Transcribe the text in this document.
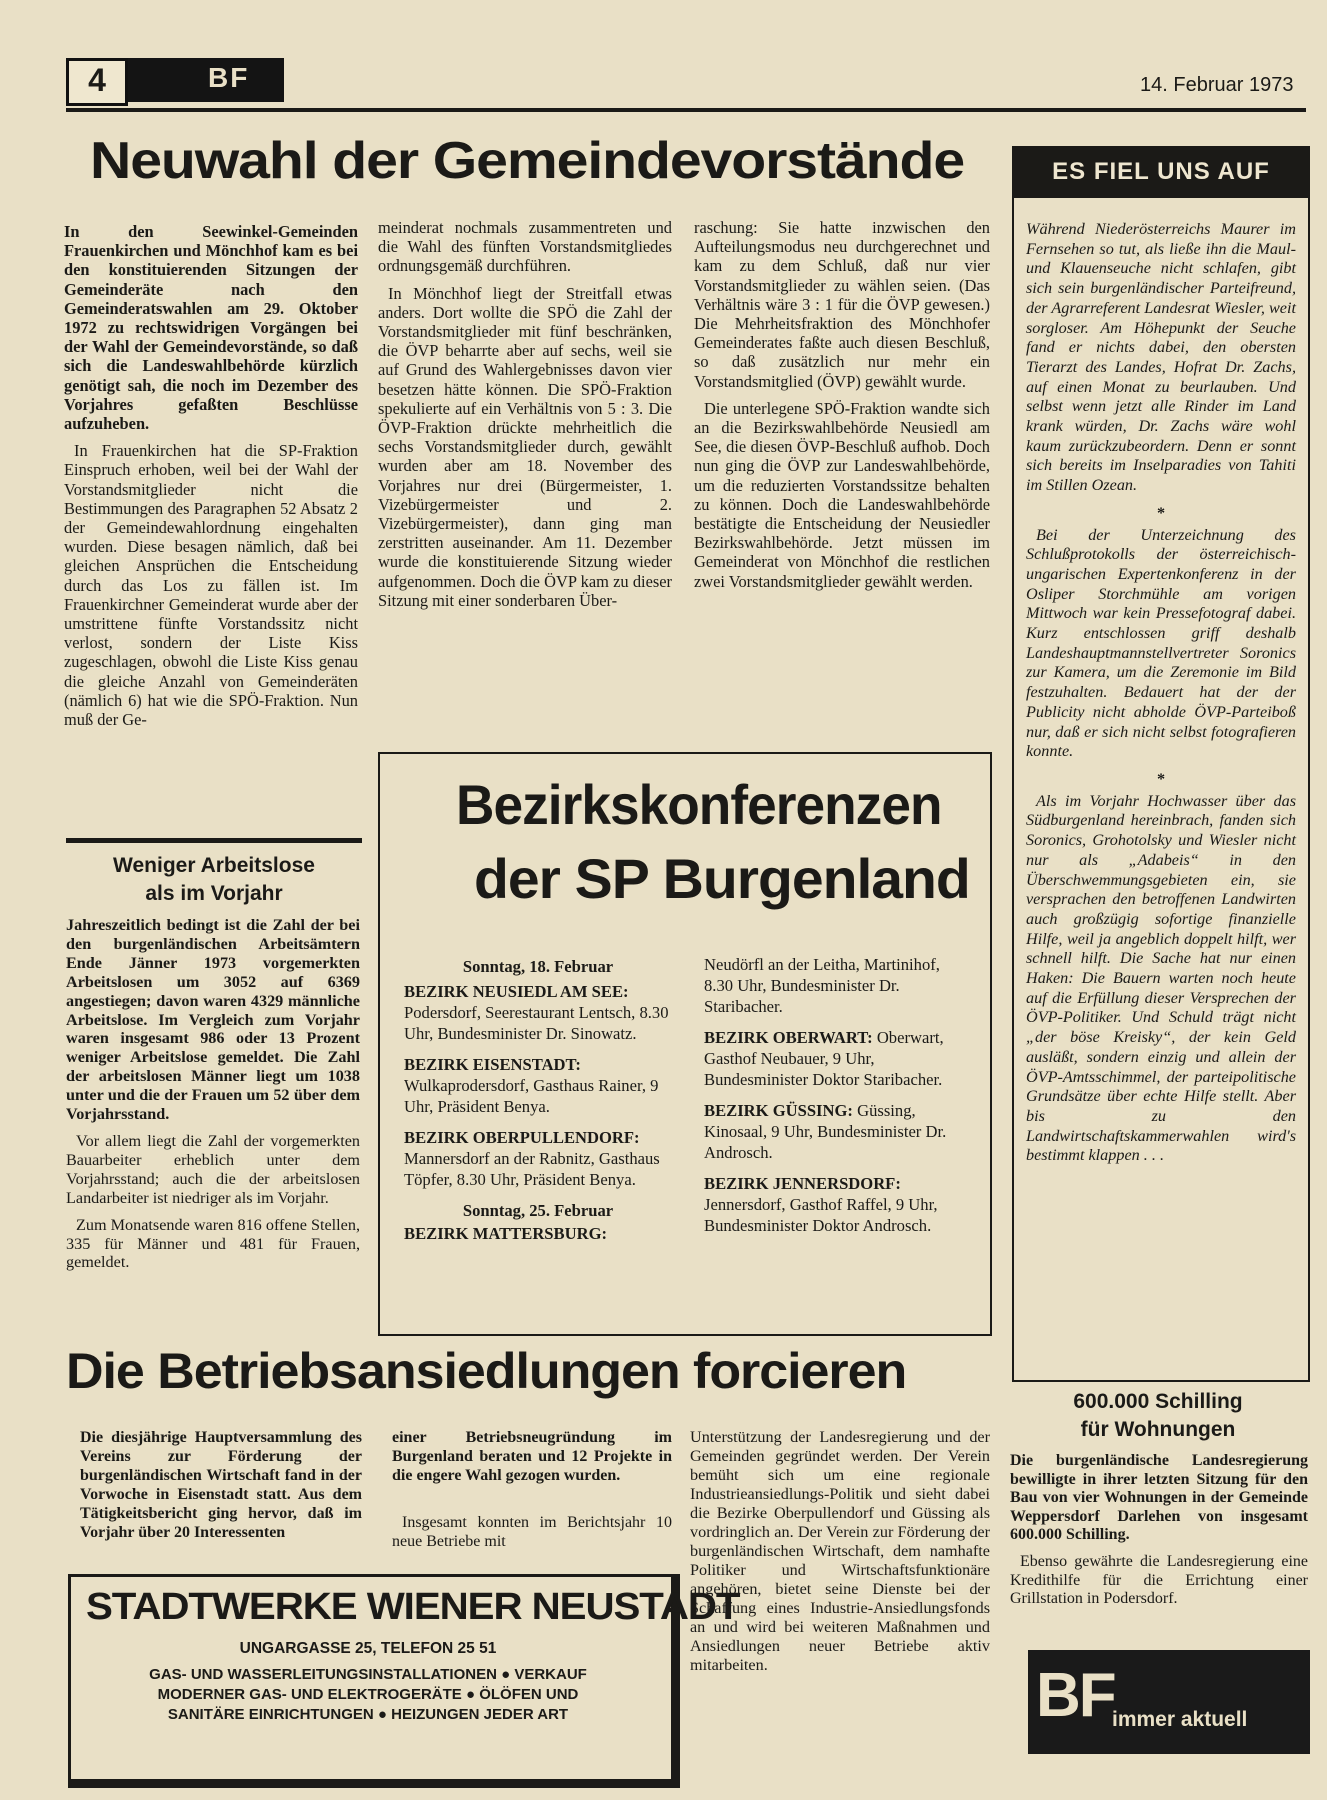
4	BF	14. Februar 1973
Neuwahl der Gemeindevorstände

In den Seewinkel-Gemeinden Frauenkirchen und Mönchhof kam es bei den konstituierenden Sitzungen der Gemeinderäte nach den Gemeinderatswahlen am 29. Oktober 1972 zu rechtswidrigen Vorgängen bei der Wahl der Gemeindevorstände, so daß sich die Landeswahlbehörde kürzlich genötigt sah, die noch im Dezember des Vorjahres gefaßten Beschlüsse aufzuheben.

In Frauenkirchen hat die SP-Fraktion Einspruch erhoben, weil bei der Wahl der Vorstandsmitglieder nicht die Bestimmungen des Paragraphen 52 Absatz 2 der Gemeindewahlordnung eingehalten wurden. Diese besagen nämlich, daß bei gleichen Ansprüchen die Entscheidung durch das Los zu fällen ist. Im Frauenkirchner Gemeinderat wurde aber der umstrittene fünfte Vorstandssitz nicht verlost, sondern der Liste Kiss zugeschlagen, obwohl die Liste Kiss genau die gleiche Anzahl von Gemeinderäten (nämlich 6) hat wie die SPÖ-Fraktion. Nun muß der Ge-

meinderat nochmals zusammentreten und die Wahl des fünften Vorstandsmitgliedes ordnungsgemäß durchführen.

In Mönchhof liegt der Streitfall etwas anders. Dort wollte die SPÖ die Zahl der Vorstandsmitglieder mit fünf beschränken, die ÖVP beharrte aber auf sechs, weil sie auf Grund des Wahlergebnisses davon vier besetzen hätte können. Die SPÖ-Fraktion spekulierte auf ein Verhältnis von 5 : 3. Die ÖVP-Fraktion drückte mehrheitlich die sechs Vorstandsmitglieder durch, gewählt wurden aber am 18. November des Vorjahres nur drei (Bürgermeister, 1. Vizebürgermeister und 2. Vizebürgermeister), dann ging man zerstritten auseinander. Am 11. Dezember wurde die konstituierende Sitzung wieder aufgenommen. Doch die ÖVP kam zu dieser Sitzung mit einer sonderbaren Über-

raschung: Sie hatte inzwischen den Aufteilungsmodus neu durchgerechnet und kam zu dem Schluß, daß nur vier Vorstandsmitglieder zu wählen seien. (Das Verhältnis wäre 3 : 1 für die ÖVP gewesen.) Die Mehrheitsfraktion des Mönchhofer Gemeinderates faßte auch diesen Beschluß, so daß zusätzlich nur mehr ein Vorstandsmitglied (ÖVP) gewählt wurde.

Die unterlegene SPÖ-Fraktion wandte sich an die Bezirkswahlbehörde Neusiedl am See, die diesen ÖVP-Beschluß aufhob. Doch nun ging die ÖVP zur Landeswahlbehörde, um die reduzierten Vorstandssitze behalten zu können. Doch die Landeswahlbehörde bestätigte die Entscheidung der Neusiedler Bezirkswahlbehörde. Jetzt müssen im Gemeinderat von Mönchhof die restlichen zwei Vorstandsmitglieder gewählt werden.

ES FIEL UNS AUF

Während Niederösterreichs Maurer im Fernsehen so tut, als ließe ihn die Maul- und Klauenseuche nicht schlafen, gibt sich sein burgenländischer Parteifreund, der Agrarreferent Landesrat Wiesler, weit sorgloser. Am Höhepunkt der Seuche fand er nichts dabei, den obersten Tierarzt des Landes, Hofrat Dr. Zachs, auf einen Monat zu beurlauben. Und selbst wenn jetzt alle Rinder im Land krank würden, Dr. Zachs wäre wohl kaum zurückzubeordern. Denn er sonnt sich bereits im Inselparadies von Tahiti im Stillen Ozean.

*

Bei der Unterzeichnung des Schlußprotokolls der österreichisch-ungarischen Expertenkonferenz in der Osliper Storchmühle am vorigen Mittwoch war kein Pressefotograf dabei. Kurz entschlossen griff deshalb Landeshauptmannstellvertreter Soronics zur Kamera, um die Zeremonie im Bild festzuhalten. Bedauert hat der der Publicity nicht abholde ÖVP-Parteiboß nur, daß er sich nicht selbst fotografieren konnte.

*

Als im Vorjahr Hochwasser über das Südburgenland hereinbrach, fanden sich Soronics, Grohotolsky und Wiesler nicht nur als „Adabeis“ in den Überschwemmungsgebieten ein, sie versprachen den betroffenen Landwirten auch großzügig sofortige finanzielle Hilfe, weil ja angeblich doppelt hilft, wer schnell hilft. Die Sache hat nur einen Haken: Die Bauern warten noch heute auf die Erfüllung dieser Versprechen der ÖVP-Politiker. Und Schuld trägt nicht „der böse Kreisky“, der kein Geld ausläßt, sondern einzig und allein der ÖVP-Amtsschimmel, der parteipolitische Grundsätze über echte Hilfe stellt. Aber bis zu den Landwirtschaftskammerwahlen wird's bestimmt klappen . . .

Weniger Arbeitslose
als im Vorjahr

Jahreszeitlich bedingt ist die Zahl der bei den burgenländischen Arbeitsämtern Ende Jänner 1973 vorgemerkten Arbeitslosen um 3052 auf 6369 angestiegen; davon waren 4329 männliche Arbeitslose. Im Vergleich zum Vorjahr waren insgesamt 986 oder 13 Prozent weniger Arbeitslose gemeldet. Die Zahl der arbeitslosen Männer liegt um 1038 unter und die der Frauen um 52 über dem Vorjahrsstand.

Vor allem liegt die Zahl der vorgemerkten Bauarbeiter erheblich unter dem Vorjahrsstand; auch die der arbeitslosen Landarbeiter ist niedriger als im Vorjahr.

Zum Monatsende waren 816 offene Stellen, 335 für Männer und 481 für Frauen, gemeldet.

Bezirkskonferenzen
der SP Burgenland
Sonntag, 18. Februar
BEZIRK NEUSIEDL AM SEE: Podersdorf, Seerestaurant Lentsch, 8.30 Uhr, Bundesminister Dr. Sinowatz.
BEZIRK EISENSTADT: Wulkaprodersdorf, Gasthaus Rainer, 9 Uhr, Präsident Benya.
BEZIRK OBERPULLENDORF: Mannersdorf an der Rabnitz, Gasthaus Töpfer, 8.30 Uhr, Präsident Benya.
Sonntag, 25. Februar
BEZIRK MATTERSBURG:
Neudörfl an der Leitha, Martinihof, 8.30 Uhr, Bundesminister Dr. Staribacher.
BEZIRK OBERWART: Oberwart, Gasthof Neubauer, 9 Uhr, Bundesminister Doktor Staribacher.
BEZIRK GÜSSING: Güssing, Kinosaal, 9 Uhr, Bundesminister Dr. Androsch.
BEZIRK JENNERSDORF: Jennersdorf, Gasthof Raffel, 9 Uhr, Bundesminister Doktor Androsch.
Die Betriebsansiedlungen forcieren

Die diesjährige Hauptversammlung des Vereins zur Förderung der burgenländischen Wirtschaft fand in der Vorwoche in Eisenstadt statt. Aus dem Tätigkeitsbericht ging hervor, daß im Vorjahr über 20 Interessenten

einer Betriebsneugründung im Burgenland beraten und 12 Projekte in die engere Wahl gezogen wurden.

Insgesamt konnten im Berichtsjahr 10 neue Betriebe mit

Unterstützung der Landesregierung und der Gemeinden gegründet werden. Der Verein bemüht sich um eine regionale Industrieansiedlungs-Politik und sieht dabei die Bezirke Oberpullendorf und Güssing als vordringlich an. Der Verein zur Förderung der burgenländischen Wirtschaft, dem namhafte Politiker und Wirtschaftsfunktionäre angehören, bietet seine Dienste bei der Schaffung eines Industrie-Ansiedlungsfonds an und wird bei weiteren Maßnahmen und Ansiedlungen neuer Betriebe aktiv mitarbeiten.

STADTWERKE WIENER NEUSTADT
UNGARGASSE 25, TELEFON 25 51
GAS- UND WASSERLEITUNGSINSTALLATIONEN ● VERKAUF
MODERNER GAS- UND ELEKTROGERÄTE ● ÖLÖFEN UND
SANITÄRE EINRICHTUNGEN ● HEIZUNGEN JEDER ART
600.000 Schilling
für Wohnungen

Die burgenländische Landesregierung bewilligte in ihrer letzten Sitzung für den Bau von vier Wohnungen in der Gemeinde Weppersdorf Darlehen von insgesamt 600.000 Schilling.

Ebenso gewährte die Landesregierung eine Kredithilfe für die Errichtung einer Grillstation in Podersdorf.

BF
immer aktuell
